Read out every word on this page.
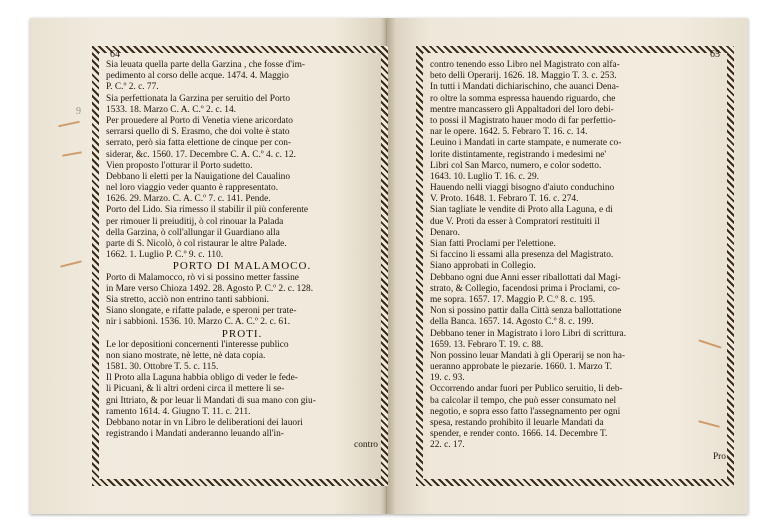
64	65
9
Sia leuata quella parte della Garzina , che fosse d'im-
pedimento al corso delle acque. 1474. 4. Maggio
P. C.º 2. c. 77.
Sia perfettionata la Garzina per seruitio del Porto
1533. 18. Marzo C. A. C.º 2. c. 14.
Per prouedere al Porto di Venetia viene aricordato
serrarsi quello di S. Erasmo, che doi volte è stato
serrato, però sia fatta elettione de cinque per con-
siderar, &c. 1560. 17. Decembre C. A. C.º 4. c. 12.
Vien proposto l'otturar il Porto sudetto.
Debbano li eletti per la Nauigatione del Caualino
nel loro viaggio veder quanto è rappresentato.
1626. 29. Marzo. C. A. C.º 7. c. 141. Pende.
Porto del Lido. Sia rimesso il stabilir il più conferente
per rimouer li preiuditij, ò col rinouar la Palada
della Garzina, ò coll'allungar il Guardiano alla
parte di S. Nicolò, ò col ristaurar le altre Palade.
1662. 1. Luglio P. C.º 9. c. 110.
PORTO DI MALAMOCO.
Porto di Malamocco, rò vi si possino metter fassine
in Mare verso Chioza 1492. 28. Agosto P. C.º 2. c. 128.
Sia stretto, acciò non entrino tanti sabbioni.
Siano slongate, e rifatte palade, e speroni per trate-
nir i sabbioni. 1536. 10. Marzo C. A. C.º 2. c. 61.
PROTI.
Le lor depositioni concernenti l'interesse publico
non siano mostrate, nè lette, nè data copia.
1581. 30. Ottobre T. 5. c. 115.
Il Proto alla Laguna habbia obligo di veder le fede-
li Picuani, & li altri ordeni circa il mettere li se-
gni Ittriato, & por leuar li Mandati di sua mano con giu-
ramento 1614. 4. Giugno T. 11. c. 211.
Debbano notar in vn Libro le deliberationi dei lauori
registrando i Mandati anderanno leuando all'in-
contro
contro tenendo esso Libro nel Magistrato con alfa-
beto delli Operarij. 1626. 18. Maggio T. 3. c. 253.
In tutti i Mandati dichiarischino, che auanci Dena-
ro oltre la somma espressa hauendo riguardo, che
mentre mancassero gli Appaltadori del loro debi-
to possi il Magistrato hauer modo di far perfettio-
nar le opere. 1642. 5. Febraro T. 16. c. 14.
Leuino i Mandati in carte stampate, e numerate co-
lorite distintamente, registrando i medesimi ne'
Libri col San Marco, numero, e color sodetto.
1643. 10. Luglio T. 16. c. 29.
Hauendo nelli viaggi bisogno d'aiuto conduchino
V. Proto. 1648. 1. Febraro T. 16. c. 274.
Sian tagliate le vendite di Proto alla Laguna, e di
due V. Proti da esser à Compratori restituiti il
Denaro.
Sian fatti Proclami per l'elettione.
Si faccino li essami alla presenza del Magistrato.
Siano approbati in Collegio.
Debbano ogni due Anni esser riballottati dal Magi-
strato, & Collegio, facendosi prima i Proclami, co-
me sopra. 1657. 17. Maggio P. C.º 8. c. 195.
Non si possino pattir dalla Città senza ballottatione
della Banca. 1657. 14. Agosto C.º 8. c. 199.
Debbano tener in Magistrato i loro Libri di scrittura.
1659. 13. Febraro T. 19. c. 88.
Non possino leuar Mandati à gli Operarij se non ha-
ueranno approbate le piezarie. 1660. 1. Marzo T.
19. c. 93.
Occorrendo andar fuori per Publico seruitio, li deb-
ba calcolar il tempo, che può esser consumato nel
negotio, e sopra esso fatto l'assegnamento per ogni
spesa, restando prohibito il leuarle Mandati da
spender, e render conto. 1666. 14. Decembre T.
22. c. 17.
Pro
